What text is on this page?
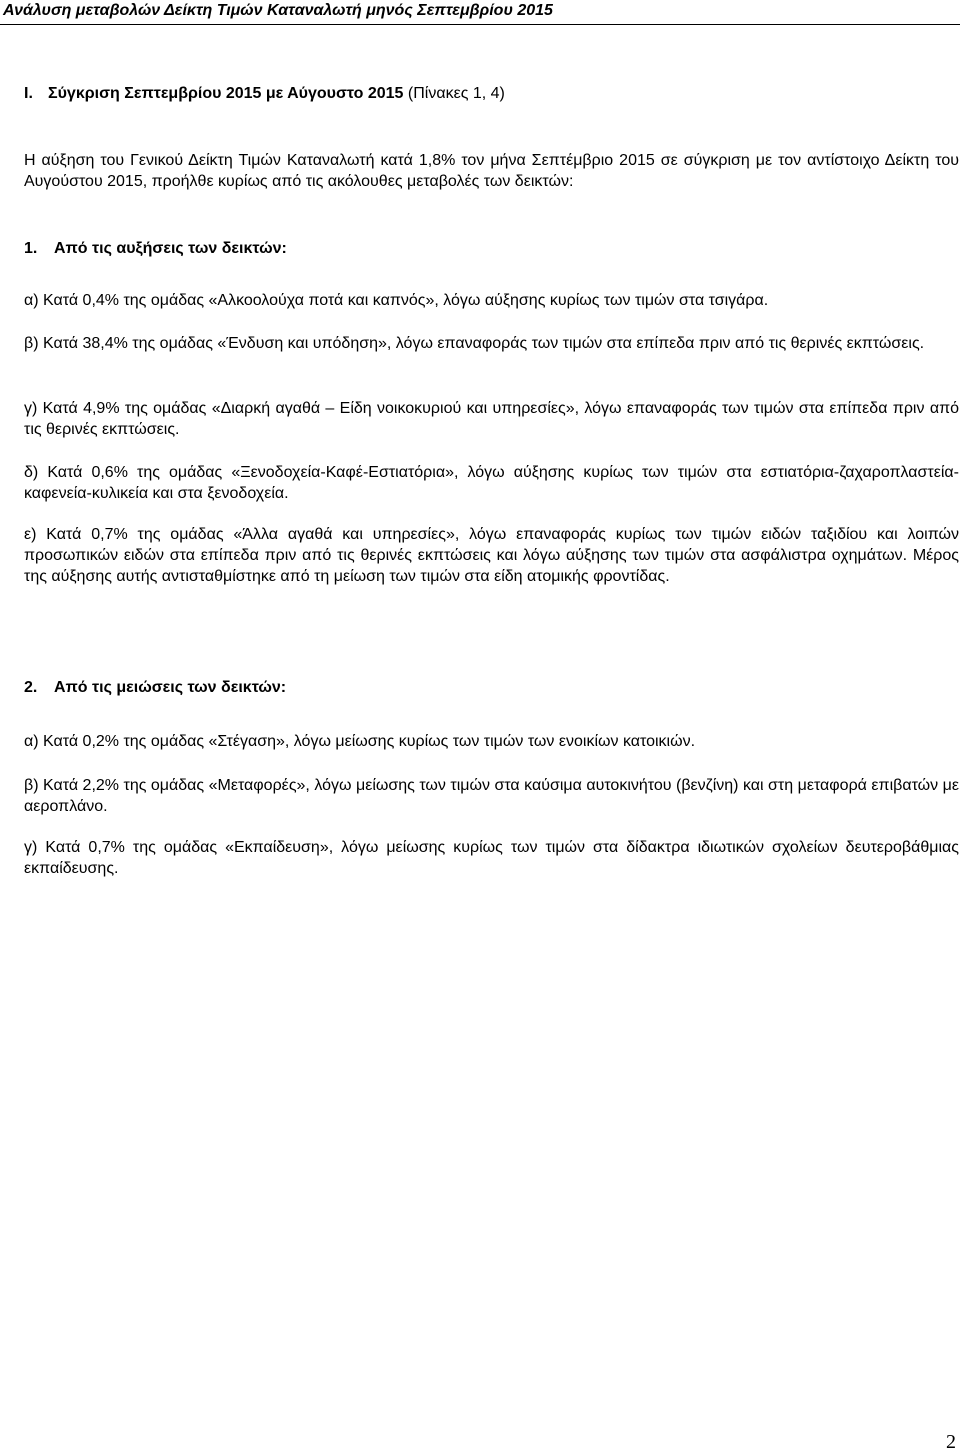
Ανάλυση μεταβολών Δείκτη Τιμών Καταναλωτή μηνός Σεπτεμβρίου 2015
I. Σύγκριση Σεπτεμβρίου 2015 με Αύγουστο 2015 (Πίνακες 1, 4)
Η αύξηση του Γενικού Δείκτη Τιμών Καταναλωτή κατά 1,8% τον μήνα Σεπτέμβριο 2015 σε σύγκριση με τον αντίστοιχο Δείκτη του Αυγούστου 2015, προήλθε κυρίως από τις ακόλουθες μεταβολές των δεικτών:
1. Από τις αυξήσεις των δεικτών:
α) Κατά 0,4% της ομάδας «Αλκοολούχα ποτά και καπνός», λόγω αύξησης κυρίως των τιμών στα τσιγάρα.
β) Κατά 38,4% της ομάδας «Ένδυση και υπόδηση», λόγω επαναφοράς των τιμών στα επίπεδα πριν από τις θερινές εκπτώσεις.
γ) Κατά 4,9% της ομάδας «Διαρκή αγαθά – Είδη νοικοκυριού και υπηρεσίες», λόγω επαναφοράς των τιμών στα επίπεδα πριν από τις θερινές εκπτώσεις.
δ) Κατά 0,6% της ομάδας «Ξενοδοχεία-Καφέ-Εστιατόρια», λόγω αύξησης κυρίως των τιμών στα εστιατόρια-ζαχαροπλαστεία-καφενεία-κυλικεία και στα ξενοδοχεία.
ε) Κατά 0,7% της ομάδας «Άλλα αγαθά και υπηρεσίες», λόγω επαναφοράς κυρίως των τιμών ειδών ταξιδίου και λοιπών προσωπικών ειδών στα επίπεδα πριν από τις θερινές εκπτώσεις και λόγω αύξησης των τιμών στα ασφάλιστρα οχημάτων. Μέρος της αύξησης αυτής αντισταθμίστηκε από τη μείωση των τιμών στα είδη ατομικής φροντίδας.
2. Από τις μειώσεις των δεικτών:
α) Κατά 0,2% της ομάδας «Στέγαση», λόγω μείωσης κυρίως των τιμών των ενοικίων κατοικιών.
β) Κατά 2,2% της ομάδας «Μεταφορές», λόγω μείωσης των τιμών στα καύσιμα αυτοκινήτου (βενζίνη) και στη μεταφορά επιβατών με αεροπλάνο.
γ) Κατά 0,7% της ομάδας «Εκπαίδευση», λόγω μείωσης κυρίως των τιμών στα δίδακτρα ιδιωτικών σχολείων δευτεροβάθμιας εκπαίδευσης.
2
